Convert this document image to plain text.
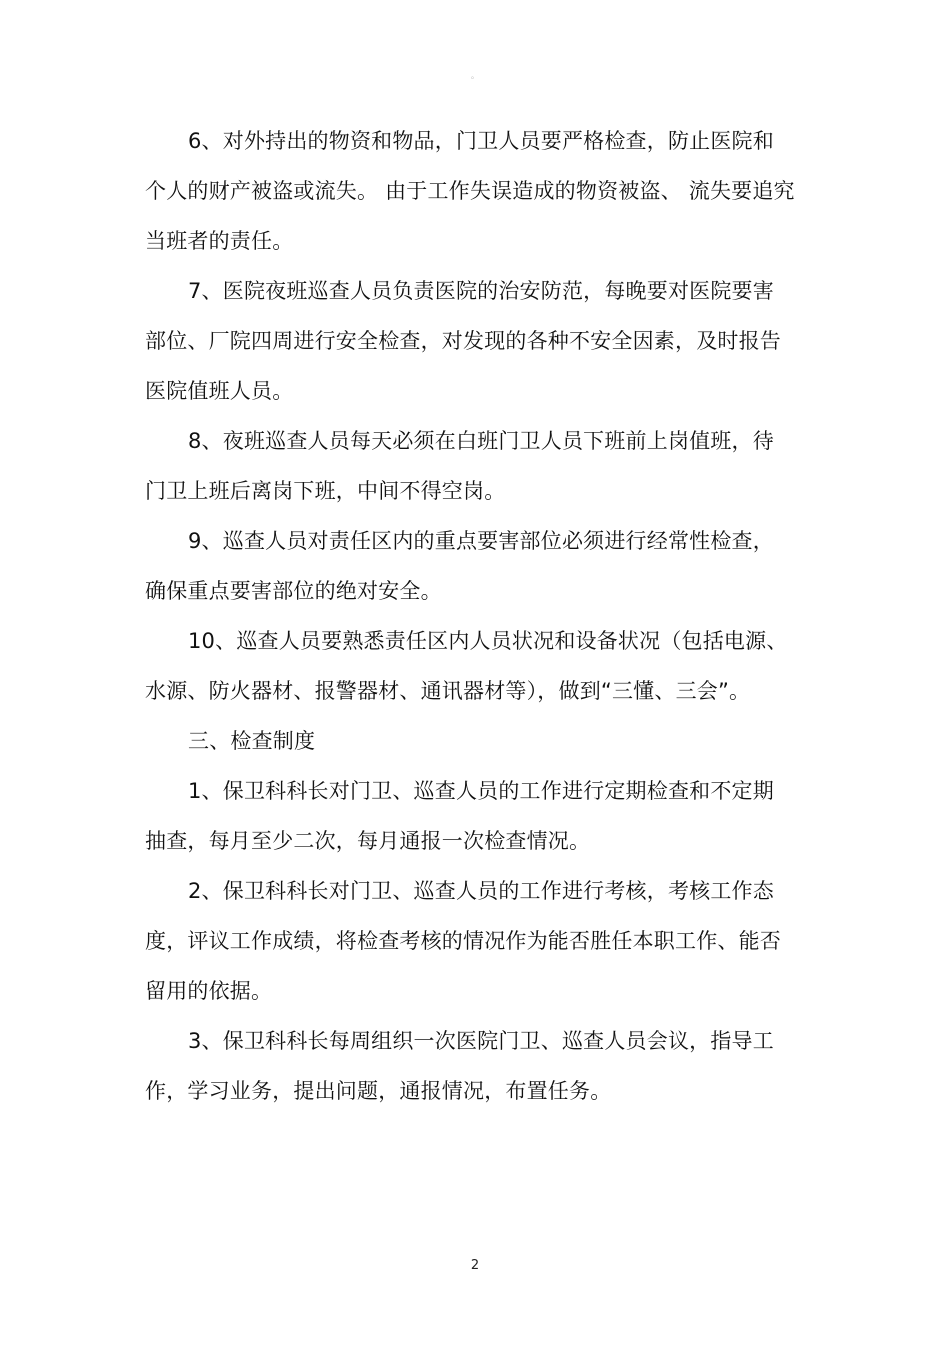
。
6、对外持出的物资和物品，门卫人员要严格检查，防止医院和
个人的财产被盗或流失。 由于工作失误造成的物资被盗、 流失要追究
当班者的责任。
7、医院夜班巡查人员负责医院的治安防范，每晚要对医院要害
部位、厂院四周进行安全检查，对发现的各种不安全因素，及时报告
医院值班人员。
8、夜班巡查人员每天必须在白班门卫人员下班前上岗值班，待
门卫上班后离岗下班，中间不得空岗。
9、巡查人员对责任区内的重点要害部位必须进行经常性检查，
确保重点要害部位的绝对安全。
10、巡查人员要熟悉责任区内人员状况和设备状况（包括电源、
水源、防火器材、报警器材、通讯器材等），做到“三懂、三会”。
三、检查制度
1、保卫科科长对门卫、巡查人员的工作进行定期检查和不定期
抽查，每月至少二次，每月通报一次检查情况。
2、保卫科科长对门卫、巡查人员的工作进行考核，考核工作态
度，评议工作成绩，将检查考核的情况作为能否胜任本职工作、能否
留用的依据。
3、保卫科科长每周组织一次医院门卫、巡查人员会议，指导工
作，学习业务，提出问题，通报情况，布置任务。
2
